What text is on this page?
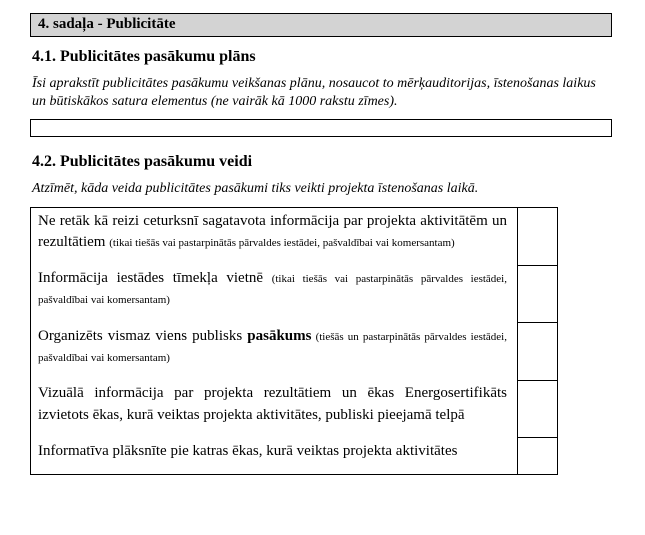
4. sadaļa - Publicitāte
4.1. Publicitātes pasākumu plāns

Īsi aprakstīt publicitātes pasākumu veikšanas plānu, nosaucot to mērķauditorijas, īstenošanas laikus un būtiskākos satura elementus (ne vairāk kā 1000 rakstu zīmes).

4.2. Publicitātes pasākumu veidi

Atzīmēt, kāda veida publicitātes pasākumi tiks veikti projekta īstenošanas laikā.

Ne retāk kā reizi ceturksnī sagatavota informācija par projekta aktivitātēm un rezultātiem (tikai tiešās vai pastarpinātās pārvaldes iestādei, pašvaldībai vai komersantam)	
Informācija iestādes tīmekļa vietnē (tikai tiešās vai pastarpinātās pārvaldes iestādei, pašvaldībai vai komersantam)	
Organizēts vismaz viens publisks pasākums (tiešās un pastarpinātās pārvaldes iestādei, pašvaldībai vai komersantam)	
Vizuālā informācija par projekta rezultātiem un ēkas Energosertifikāts izvietots ēkas, kurā veiktas projekta aktivitātes, publiski pieejamā telpā	
Informatīva plāksnīte pie katras ēkas, kurā veiktas projekta aktivitātes	
